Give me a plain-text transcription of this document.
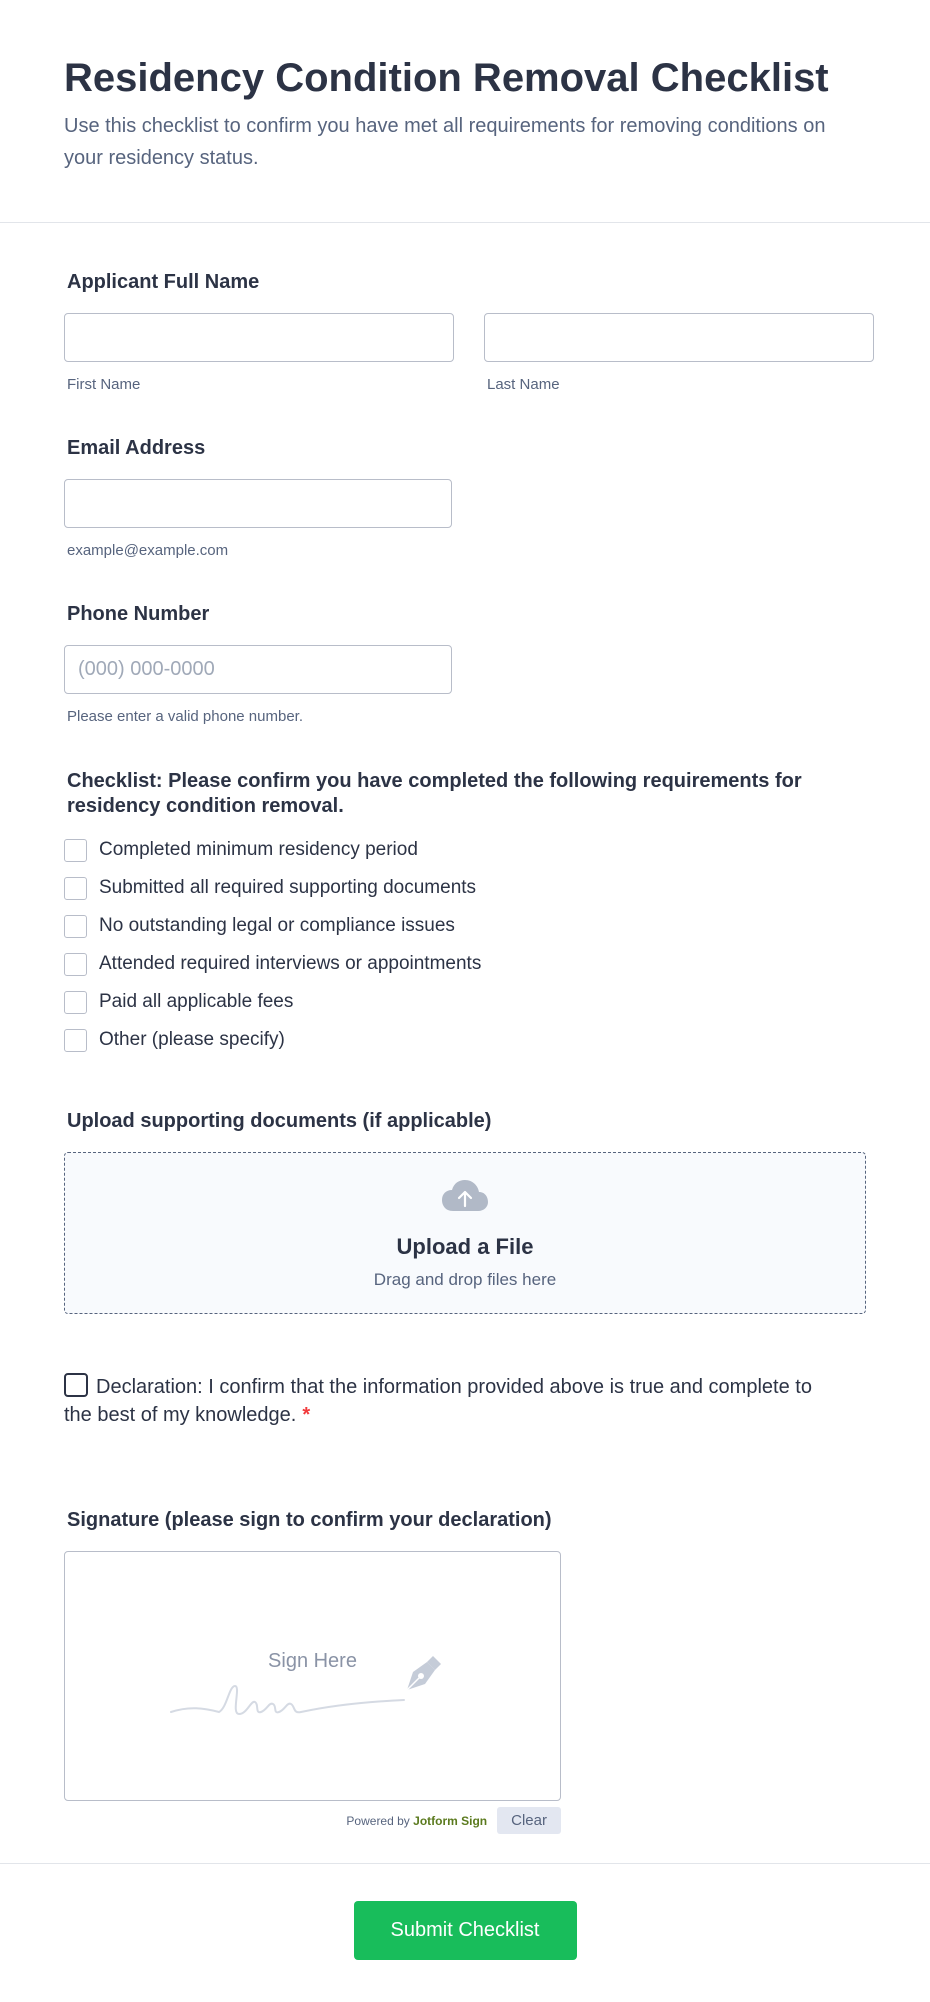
Residency Condition Removal Checklist
Use this checklist to confirm you have met all requirements for removing conditions on your residency status.
Applicant Full Name
First Name	Last Name
Email Address
example@example.com
Phone Number
(000) 000-0000
Please enter a valid phone number.
Checklist: Please confirm you have completed the following requirements for residency condition removal.
Completed minimum residency period
Submitted all required supporting documents
No outstanding legal or compliance issues
Attended required interviews or appointments
Paid all applicable fees
Other (please specify)
Upload supporting documents (if applicable)
Upload a File
Drag and drop files here
Declaration: I confirm that the information provided above is true and complete to the best of my knowledge. *
Signature (please sign to confirm your declaration)
Sign Here
Powered by Jotform Sign	Clear
Submit Checklist
